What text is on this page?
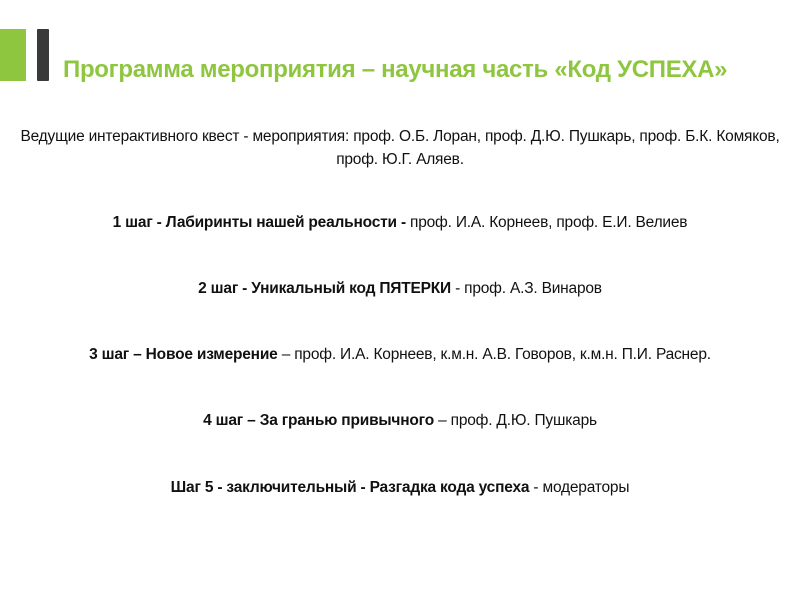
Программа мероприятия – научная часть «Код УСПЕХА»

Ведущие интерактивного квест - мероприятия: проф. О.Б. Лоран, проф. Д.Ю. Пушкарь, проф. Б.К. Комяков, проф. Ю.Г. Аляев.

1 шаг - Лабиринты нашей реальности - проф. И.А. Корнеев, проф. Е.И. Велиев

2 шаг - Уникальный код ПЯТЕРКИ - проф. А.З. Винаров

3 шаг – Новое измерение – проф. И.А. Корнеев, к.м.н. А.В. Говоров, к.м.н. П.И. Раснер.

4 шаг – За гранью привычного – проф. Д.Ю. Пушкарь

Шаг 5 - заключительный - Разгадка кода успеха - модераторы
